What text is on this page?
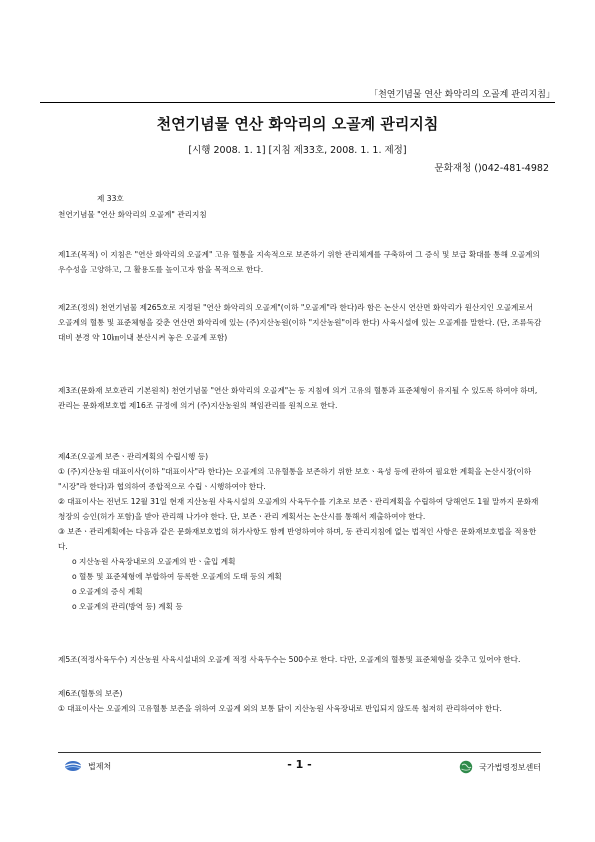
「천연기념물 연산 화악리의 오골계 관리지침」
천연기념물 연산 화악리의 오골계 관리지침
[시행 2008. 1. 1] [지침 제33호, 2008. 1. 1. 제정]
문화재청 ()042-481-4982
제 33호
천연기념물 "연산 화악리의 오골계" 관리지침

제1조(목적) 이 지침은 "연산 화악리의 오골계" 고유 혈통을 지속적으로 보존하기 위한 관리체계를 구축하여 그 증식 및 보급 확대를 통해 오골계의 우수성을 고양하고, 그 활용도를 높이고자 함을 목적으로 한다.

제2조(정의) 천연기념물 제265호로 지정된 "연산 화악리의 오골계"(이하 "오골계"라 한다)라 함은 논산시 연산면 화악리가 원산지인 오골계로서 오골계의 혈통 및 표준체형을 갖춘 연산면 화악리에 있는 (주)지산농원(이하 "지산농원"이라 한다) 사육시설에 있는 오골계를 말한다. (단, 조류독감 대비 분경 약 10㎞이내 분산시켜 놓은 오골계 포함)

제3조(문화재 보호관리 기본원칙) 천연기념물 "연산 화악리의 오골계"는 동 지침에 의거 고유의 혈통과 표준체형이 유지될 수 있도록 하여야 하며, 관리는 문화재보호법 제16조 규정에 의거 (주)지산농원의 책임관리를 원칙으로 한다.

제4조(오골계 보존ㆍ관리계획의 수립시행 등)

① (주)지산농원 대표이사(이하 "대표이사"라 한다)는 오골계의 고유혈통을 보존하기 위한 보호ㆍ육성 등에 관하여 필요한 계획을 논산시장(이하 "시장"라 한다)과 협의하여 종합적으로 수립ㆍ시행하여야 한다.

② 대표이사는 전년도 12월 31일 현재 지산농원 사육시설의 오골계의 사육두수를 기초로 보존ㆍ관리계획을 수립하여 당해연도 1월 말까지 문화재청장의 승인(허가 포함)을 받아 관리해 나가야 한다. 단, 보존ㆍ관리 계획서는 논산시를 통해서 제출하여야 한다.

③ 보존ㆍ관리계획에는 다음과 같은 문화재보호법의 허가사항도 함께 반영하여야 하며, 동 관리지침에 없는 법적인 사항은 문화재보호법을 적용한다.

o 지산농원 사육장내로의 오골계의 반ㆍ출입 계획
o 혈통 및 표준체형에 부합하여 등록한 오골계의 도태 등의 계획
o 오골계의 증식 계획
o 오골계의 관리(방역 등) 계획 등

제5조(적정사육두수) 지산농원 사육시설내의 오골계 적정 사육두수는 500수로 한다. 다만, 오골계의 혈통및 표준체형을 갖추고 있어야 한다.

제6조(혈통의 보존)

① 대표이사는 오골계의 고유혈통 보존을 위하여 오골계 외의 보통 닭이 지산농원 사육장내로 반입되지 않도록 철저히 관리하여야 한다.

법제처	- 1 -	국가법령정보센터
